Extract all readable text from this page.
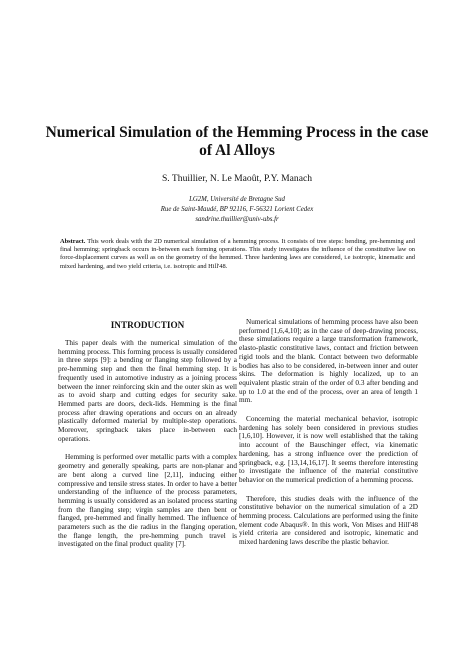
Numerical Simulation of the Hemming Process in the case of Al Alloys
S. Thuillier, N. Le Maoût, P.Y. Manach
LG2M, Université de Bretagne Sud
Rue de Saint-Maudé, BP 92116, F-56321 Lorient Cedex
sandrine.thuillier@univ-ubs.fr
Abstract. This work deals with the 2D numerical simulation of a hemming process. It consists of tree steps: bending, pre-hemming and final hemming; springback occurs in-between each forming operations. This study investigates the influence of the constitutive law on force-displacement curves as well as on the geometry of the hemmed. Three hardening laws are considered, i.e isotropic, kinematic and mixed hardening, and two yield criteria, i.e. isotropic and Hill'48.
INTRODUCTION

This paper deals with the numerical simulation of the hemming process. This forming process is usually considered in three steps [9]: a bending or flanging step followed by a pre-hemming step and then the final hemming step. It is frequently used in automotive industry as a joining process between the inner reinforcing skin and the outer skin as well as to avoid sharp and cutting edges for security sake. Hemmed parts are doors, deck-lids. Hemming is the final process after drawing operations and occurs on an already plastically deformed material by multiple-step operations. Moreover, springback takes place in-between each operations.

Hemming is performed over metallic parts with a complex geometry and generally speaking, parts are non-planar and are bent along a curved line [2,11], inducing either compressive and tensile stress states. In order to have a better understanding of the influence of the process parameters, hemming is usually considered as an isolated process starting from the flanging step; virgin samples are then bent or flanged, pre-hemmed and finally hemmed. The influence of parameters such as the die radius in the flanging operation, the flange length, the pre-hemming punch travel is investigated on the final product quality [7].

Numerical simulations of hemming process have also been performed [1,6,4,10]; as in the case of deep-drawing process, these simulations require a large transformation framework, elasto-plastic constitutive laws, contact and friction between rigid tools and the blank. Contact between two deformable bodies has also to be considered, in-between inner and outer skins. The deformation is highly localized, up to an equivalent plastic strain of the order of 0.3 after bending and up to 1.0 at the end of the process, over an area of length 1 mm.

Concerning the material mechanical behavior, isotropic hardening has solely been considered in previous studies [1,6,10]. However, it is now well established that the taking into account of the Bauschinger effect, via kinematic hardening, has a strong influence over the prediction of springback, e.g. [13,14,16,17]. It seems therefore interesting to investigate the influence of the material constitutive behavior on the numerical prediction of a hemming process.

Therefore, this studies deals with the influence of the constitutive behavior on the numerical simulation of a 2D hemming process. Calculations are performed using the finite element code Abaqus®. In this work, Von Mises and Hill'48 yield criteria are considered and isotropic, kinematic and mixed hardening laws describe the plastic behavior.
